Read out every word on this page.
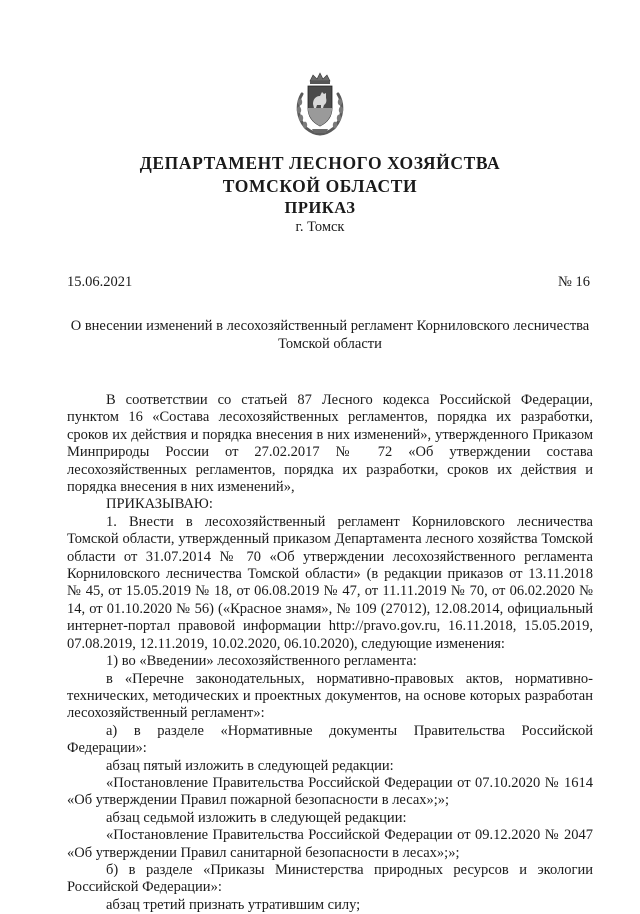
ДЕПАРТАМЕНТ ЛЕСНОГО ХОЗЯЙСТВА
ТОМСКОЙ ОБЛАСТИ
ПРИКАЗ

г. Томск

15.06.2021	№ 16

О внесении изменений в лесохозяйственный регламент Корниловского лесничества Томской области

В соответствии со статьей 87 Лесного кодекса Российской Федерации, пунктом 16 «Состава лесохозяйственных регламентов, порядка их разработки, сроков их действия и порядка внесения в них изменений», утвержденного Приказом Минприроды России от 27.02.2017 № 72 «Об утверждении состава лесохозяйственных регламентов, порядка их разработки, сроков их действия и порядка внесения в них изменений»,

ПРИКАЗЫВАЮ:

1. Внести в лесохозяйственный регламент Корниловского лесничества Томской области, утвержденный приказом Департамента лесного хозяйства Томской области от 31.07.2014 № 70 «Об утверждении лесохозяйственного регламента Корниловского лесничества Томской области» (в редакции приказов от 13.11.2018 № 45, от 15.05.2019 № 18, от 06.08.2019 № 47, от 11.11.2019 № 70, от 06.02.2020 № 14, от 01.10.2020 № 56) («Красное знамя», № 109 (27012), 12.08.2014, официальный интернет-портал правовой информации http://pravo.gov.ru, 16.11.2018, 15.05.2019, 07.08.2019, 12.11.2019, 10.02.2020, 06.10.2020), следующие изменения:

1) во «Введении» лесохозяйственного регламента:

в «Перечне законодательных, нормативно-правовых актов, нормативно-технических, методических и проектных документов, на основе которых разработан лесохозяйственный регламент»:

а) в разделе «Нормативные документы Правительства Российской Федерации»:

абзац пятый изложить в следующей редакции:

«Постановление Правительства Российской Федерации от 07.10.2020 № 1614 «Об утверждении Правил пожарной безопасности в лесах»;»;

абзац седьмой изложить в следующей редакции:

«Постановление Правительства Российской Федерации от 09.12.2020 № 2047 «Об утверждении Правил санитарной безопасности в лесах»;»;

б) в разделе «Приказы Министерства природных ресурсов и экологии Российской Федерации»:

абзац третий признать утратившим силу;
